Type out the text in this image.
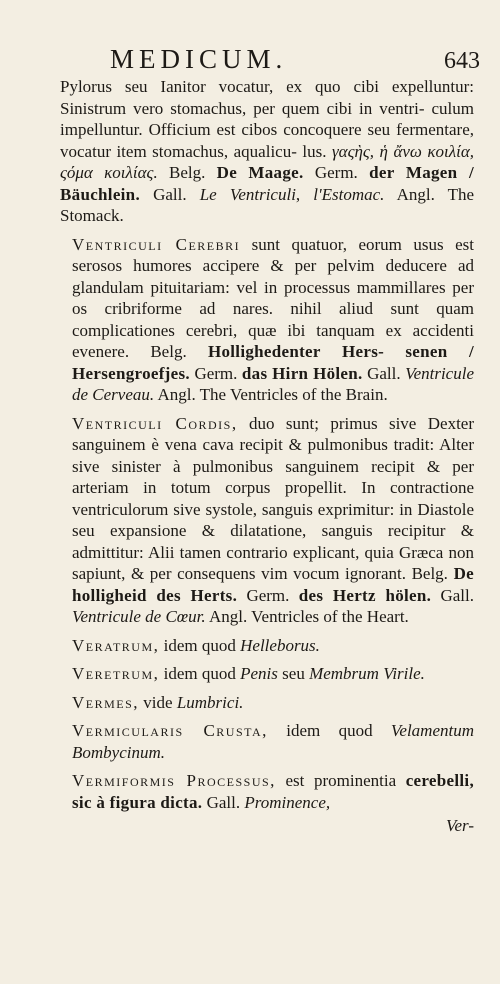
MEDICUM.	643

Pylorus seu Ianitor vocatur, ex quo cibi expelluntur: Sinistrum vero stomachus, per quem cibi in ventri- culum impelluntur. Officium est cibos concoquere seu fermentare, vocatur item stomachus, aqualicu- lus. γαςὴς, ἡ ἄνω κοιλία, ςόμα κοιλίας. Belg. De Maage. Germ. der Magen / Bäuchlein. Gall. Le Ventriculi, l'Estomac. Angl. The Stomack.

Ventriculi Cerebri sunt quatuor, eorum usus est serosos humores accipere & per pelvim deducere ad glandulam pituitariam: vel in processus mammillares per os cribriforme ad nares. nihil aliud sunt quam complicationes cerebri, quæ ibi tanquam ex accidenti evenere. Belg. Hollighedenter Hers- senen / Hersengroefjes. Germ. das Hirn Hölen. Gall. Ventricule de Cerveau. Angl. The Ventricles of the Brain.

Ventriculi Cordis, duo sunt; primus sive Dexter sanguinem è vena cava recipit & pulmonibus tradit: Alter sive sinister à pulmonibus sanguinem recipit & per arteriam in totum corpus propellit. In contractione ventriculorum sive systole, sanguis exprimitur: in Diastole seu expansione & dilatatione, sanguis recipitur & admittitur: Alii tamen contrario explicant, quia Græca non sapiunt, & per consequens vim vocum ignorant. Belg. De holligheid des Herts. Germ. des Hertz hölen. Gall. Ventricule de Cœur. Angl. Ventricles of the Heart.

Veratrum, idem quod Helleborus.

Veretrum, idem quod Penis seu Membrum Virile.

Vermes, vide Lumbrici.

Vermicularis Crusta, idem quod Velamentum Bombycinum.

Vermiformis Processus, est prominentia cerebelli, sic à figura dicta. Gall. Prominence,
Ver-
